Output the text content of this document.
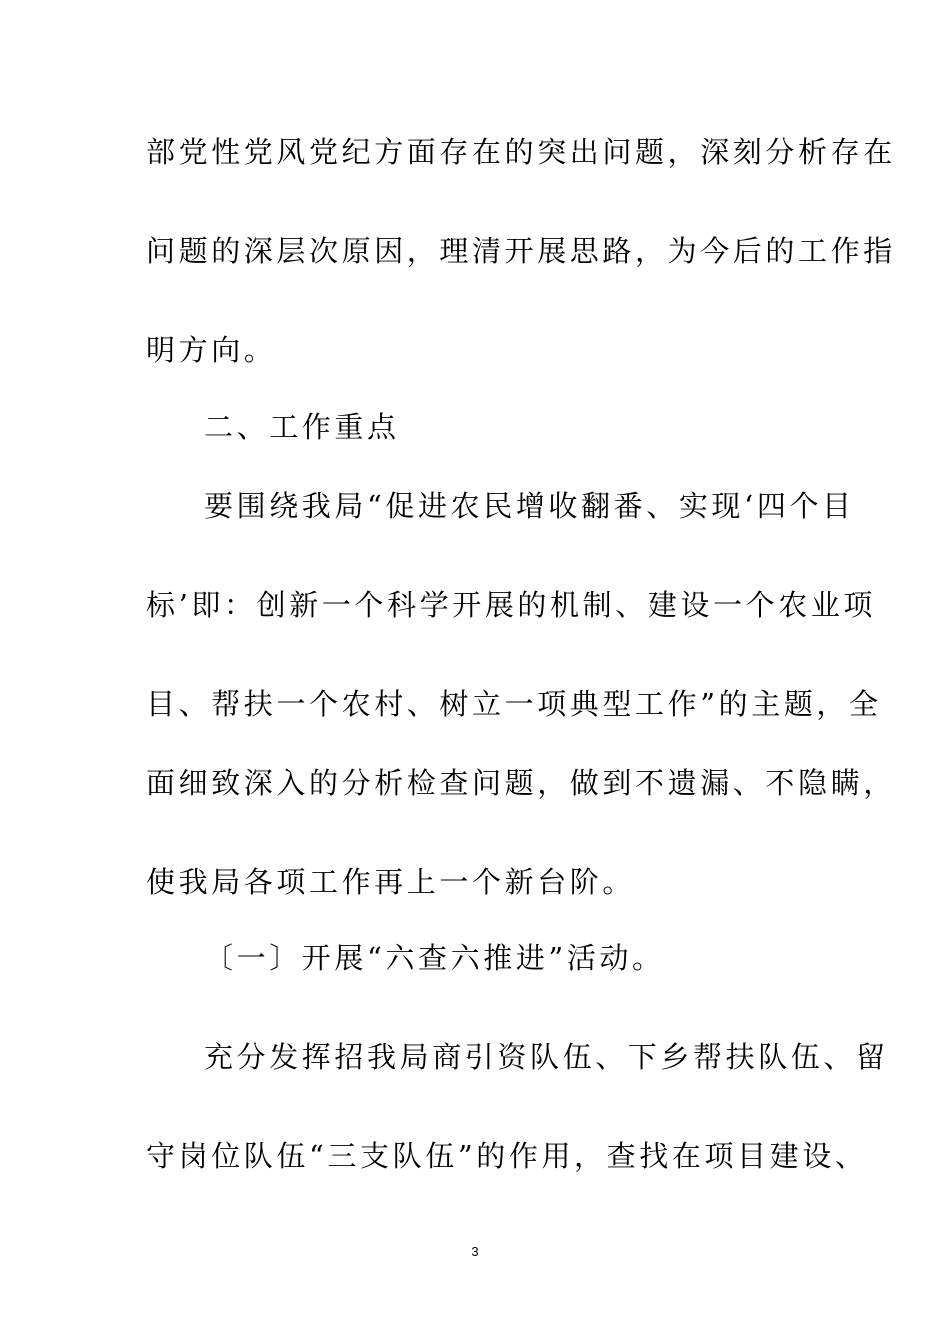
部党性党风党纪方面存在的突出问题，深刻分析存在
问题的深层次原因，理清开展思路，为今后的工作指
明方向。
二、工作重点
要围绕我局“促进农民增收翻番、实现‘四个目
标’即：创新一个科学开展的机制、建设一个农业项
目、帮扶一个农村、树立一项典型工作”的主题，全
面细致深入的分析检查问题，做到不遗漏、不隐瞒，
使我局各项工作再上一个新台阶。
〔一〕开展“六查六推进”活动。
充分发挥招我局商引资队伍、下乡帮扶队伍、留
守岗位队伍“三支队伍”的作用，查找在项目建设、
3
